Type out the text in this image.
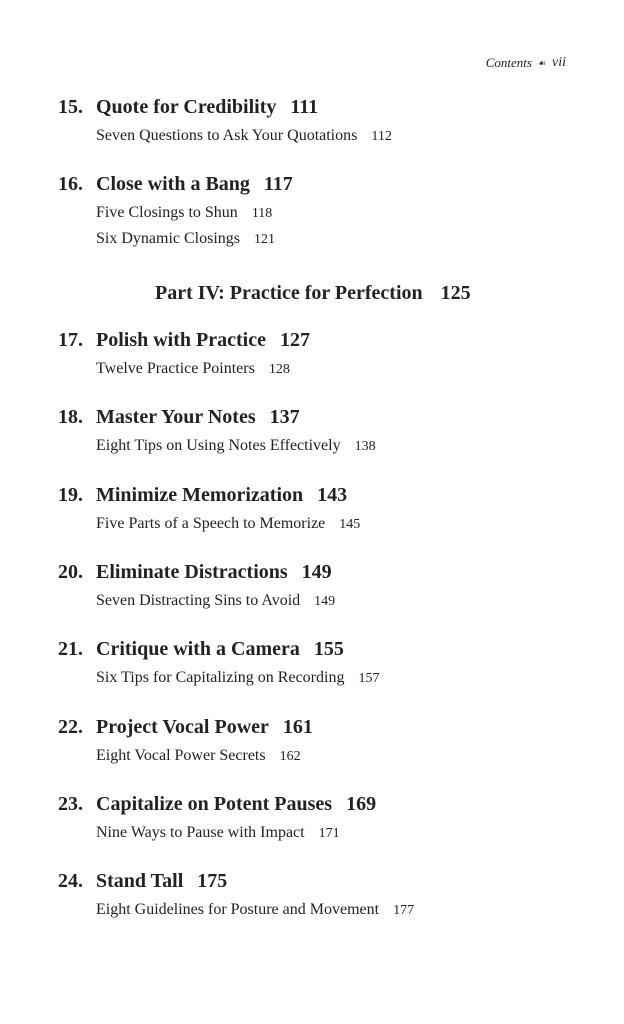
Contents ☙ vii
15. Quote for Credibility 111
Seven Questions to Ask Your Quotations 112
16. Close with a Bang 117
Five Closings to Shun 118
Six Dynamic Closings 121
Part IV: Practice for Perfection 125
17. Polish with Practice 127
Twelve Practice Pointers 128
18. Master Your Notes 137
Eight Tips on Using Notes Effectively 138
19. Minimize Memorization 143
Five Parts of a Speech to Memorize 145
20. Eliminate Distractions 149
Seven Distracting Sins to Avoid 149
21. Critique with a Camera 155
Six Tips for Capitalizing on Recording 157
22. Project Vocal Power 161
Eight Vocal Power Secrets 162
23. Capitalize on Potent Pauses 169
Nine Ways to Pause with Impact 171
24. Stand Tall 175
Eight Guidelines for Posture and Movement 177
